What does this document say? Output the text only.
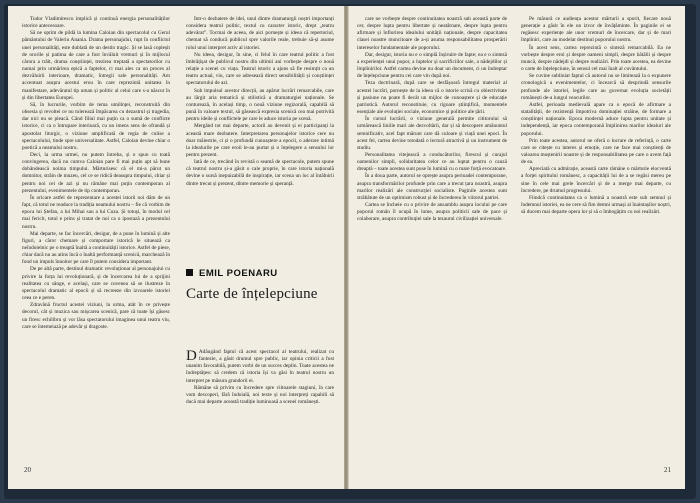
Tudor Vladimirescu implică și continuă energia personalităților istorice antecesoare.

Să ne oprim de pildă la lumina Caloian din spectacolul cu Gerul pământului de Valeriu Anania. Drama personajului, rupt în conflictul unei personalități, este dublată de un destin tragic. Și se lasă copleșit de ororile și patima de care a fost învăluit vremuri și în mijlocul cărora a trăit, drama conștiinței, trezirea treptată a spectatorilor cu numai prin urmărirea epică a faptelor, ci mai ales ca un proces al dezvăluirii interioare, dramatic, întregii sale personalități. Am accentuat asupra acestui erou în care reprezintă unitatea în manifestare, adevăratul tip uman și politic al celui care s-a născut în și din libertatea Europei.

Să, în lucrurile, vorbim de tema umilinței, reconstruită din obsesia și revoltei ce nu tolerează împăcarea cu dezastrul și tragedia, dar nici nu se pleacă. Când filiul mai puțin ca o sumă de conflicte istorice, ci ca o întrupare interioară, cu un imens sens de ofrandă și apostolat liturgic, o viziune amplificată de regia de culise a spectacolului, tinde spre universalitate. Astfel, Caloian devine chiar o poetică a neamului nostru.

Deci, la urma urmei, nu putem întreba, și o spun cu toată convingerea, dacă nu cumva Caloian pare fi mai puțin apt să bune dobândească noima timpului. Mărturisesc că el mi-a părut un domnitor, străin de muzeu, cel ce se ridică deasupra timpului, chiar și pentru noi cei de azi și nu rămâne mai puțin contemporan al prezentului, evenimentele de tip contemporan.

În oricare astfel de reprezentare a acestei istorii noi dăm de un fapt, că totul ne readuce la tradiția neamului nostru – fie că vorbim de epoca lui Ștefan, a lui Mihai sau a lui Cuza. Și totuși, în modul cel mai fericit, totul e prins și tratat de noi ca o ipostază a prezentului nostru.

Mai departe, se fac încercări, desigur, de a pune în lumină și alte figuri, a căror chemare și comportare istorică le situează ca neîndoielnic pe o treaptă înaltă a continuității istorice. Astfel de piese, chiar dacă nu au atins încă o înaltă performanță scenică, marchează în fond un impuls înnoitor pe care îl putem considera important.

De pe altă parte, destinul dramatic revoluționar al personajului cu privire la forța lui revoluționară, și de încercarea lui de a sprijini realitatea cu sânge, e același, care se cuvenea să se ilustreze în spectacolul dramatic al epocii și să recreeze din izvoarele istoriei ceea ce e peren.

Zdravănă fructul acestei viziuni, la urma, atât în ce privește decorul, cât și muzica sau mișcarea scenică, pare că toate își găsesc un firesc echilibru și vor lăsa spectatorului imaginea unui teatru viu, care se întemeiază pe adevăr și dragoste.

Într-o dezbatere de idei, unul dintre dramaturgii noștri importanți considera teatrul politic, textul cu caracter istoric, drept „teatru adevărat”. Tocmai de aceea, de aici pornește și ideea că repertoriul, chemat să conducă publicul spre valorile reale, trebuie să-și asume rolul unui interpret activ al istoriei.

Nu ideea, desigur, în sine, ci felul în care teatrul politic a fost îmbrățișat de publicul nostru din ultimii ani vorbește despre o nouă relație a scenei cu viața. Teatrul istoric a ajuns să fie resimțit ca un teatru actual, viu, care se adresează direct sensibilității și conștiinței spectatorului de azi.

Sub impulsul acestor direcții, au apărut lucrări remarcabile, care au lărgit aria tematică și stilistică a dramaturgiei naționale. Se conturează, în același timp, o nouă viziune regizorală, capabilă să pună în valoare textul, să găsească expresia scenică cea mai potrivită pentru ideile și conflictele pe care le aduce istoria pe scenă.

Mergând tot mai departe, actorii au devenit și ei participanți la această mare dezbatere. Interpretarea personajelor istorice cere nu doar măiestrie, ci și o profundă cunoaștere a epocii, o aderare intimă la idealurile pe care eroii le-au purtat și o înțelegere a sensului lor pentru prezent.

Iată de ce, trecând în revistă o seamă de spectacole, putem spune că teatrul nostru și-a găsit o cale proprie, în care istoria națională devine o sursă inepuizabilă de inspirație, iar scena un loc al întâlnirii dintre trecut și prezent, dintre memorie și speranță.

EMIL POENARU
Carte de înțelepciune

D Adăugând faptul că acest spectacol al teatrului, realizat cu fantezie, a găsit drumul spre public, iar opinia criticii a fost unanim favorabilă, putem vorbi de un succes deplin. Toate acestea ne îndreptățesc să credem că istoria își va găsi în teatrul nostru un interpret pe măsura grandorii ei.

Rămâne să privim cu încredere spre viitoarele stagiuni, în care vom descoperi, fără îndoială, noi texte și noi interpreți capabili să ducă mai departe această tradiție luminoasă a scenei românești.

20

care ne vorbește despre continuitatea noastră sub această parte de cer, despre lupta pentru libertate și neatârnare, despre lupta pentru afirmare și înflorirea idealului unității naționale, despre capacitatea clasei noastre muncitoare de a-și asuma responsabilitatea prosperării intereselor fundamentale ale poporului.

Dar, desigur, istoria nu e o simplă înșiruire de fapte; ea e o sinteză a experienței unui popor, a luptelor și sacrificiilor sale, a nădejdilor și împlinirilor. Astfel cartea devine nu doar un document, ci un îndreptar de înțelepciune pentru cei care vin după noi.

Teza doctrinară, după care se desfășoară întregul material al acestei lucrări, pornește de la ideea că o istorie scrisă cu obiectivitate și pasiune nu poate fi decât un mijloc de cunoaștere și de educație patriotică. Autorul reconstituie, cu rigoare științifică, momentele esențiale ale evoluției sociale, economice și politice ale țării.

În cursul lucrării, o viziune generală permite cititorului să urmărească liniile mari ale dezvoltării, dar și să descopere amănuntul semnificativ, acel fapt mărunt care dă culoare și viață unei epoci. În acest fel, cartea devine totodată o lectură atractivă și un instrument de studiu.

Personalitatea vitejească a conducătorilor, firescul și curajul oamenilor simpli, solidaritatea celor ce au luptat pentru o cauză dreaptă – toate acestea sunt puse în lumină cu o mare forță evocatoare.

În a doua parte, autorul se oprește asupra perioadei contemporane, asupra transformărilor profunde prin care a trecut țara noastră, asupra marilor realizări ale construcției socialiste. Paginile acestea sunt străbătute de un optimism robust și de încrederea în viitorul patriei.

Cartea se încheie cu o privire de ansamblu asupra locului pe care poporul român îl ocupă în lume, asupra politicii sale de pace și colaborare, asupra contribuției sale la tezaurul civilizației universale.

Pe măsură ce audiența acestor mărturii a sporit, fiecare nouă generație a găsit în ele un izvor de învățăminte. În paginile ei se regăsesc experiențe ale unor vremuri de încercare, dar și de mari împliniri, care au modelat destinul poporului nostru.

În acest sens, cartea reprezintă o sinteză remarcabilă. Ea ne vorbește despre eroi și despre oameni simpli, despre bătălii și despre muncă, despre nădejdi și despre realizări. Prin toate acestea, ea devine o carte de înțelepciune, în sensul cel mai înalt al cuvântului.

Se cuvine subliniat faptul că autorul nu se limitează la o expunere cronologică a evenimentelor, ci încearcă să desprindă sensurile profunde ale istoriei, legile care au guvernat evoluția societății românești de-a lungul veacurilor.

Astfel, perioada medievală apare ca o epocă de afirmare a statalității, de rezistență împotriva dominației străine, de formare a conștiinței naționale. Epoca modernă aduce lupta pentru unitate și independență, iar epoca contemporană împlinirea marilor idealuri ale poporului.

Prin toate acestea, autorul ne oferă o lucrare de referință, o carte care se citește cu interes și emoție, care ne face mai conștienți de valoarea moștenirii noastre și de responsabilitatea pe care o avem față de ea.

Apreciată cu admirație, această carte rămâne o mărturie elocventă a forței spiritului românesc, a capacității lui de a se regăsi mereu pe sine în cele mai grele încercări și de a merge mai departe, cu încredere, pe drumul progresului.

Fiindcă continuitatea ca o lumină a noastră este sub semnul și îndemnul istoriei, ea ne cere să fim demni urmași ai înaintașilor noștri, să ducem mai departe opera lor și să o îmbogățim cu noi realizări.

21
